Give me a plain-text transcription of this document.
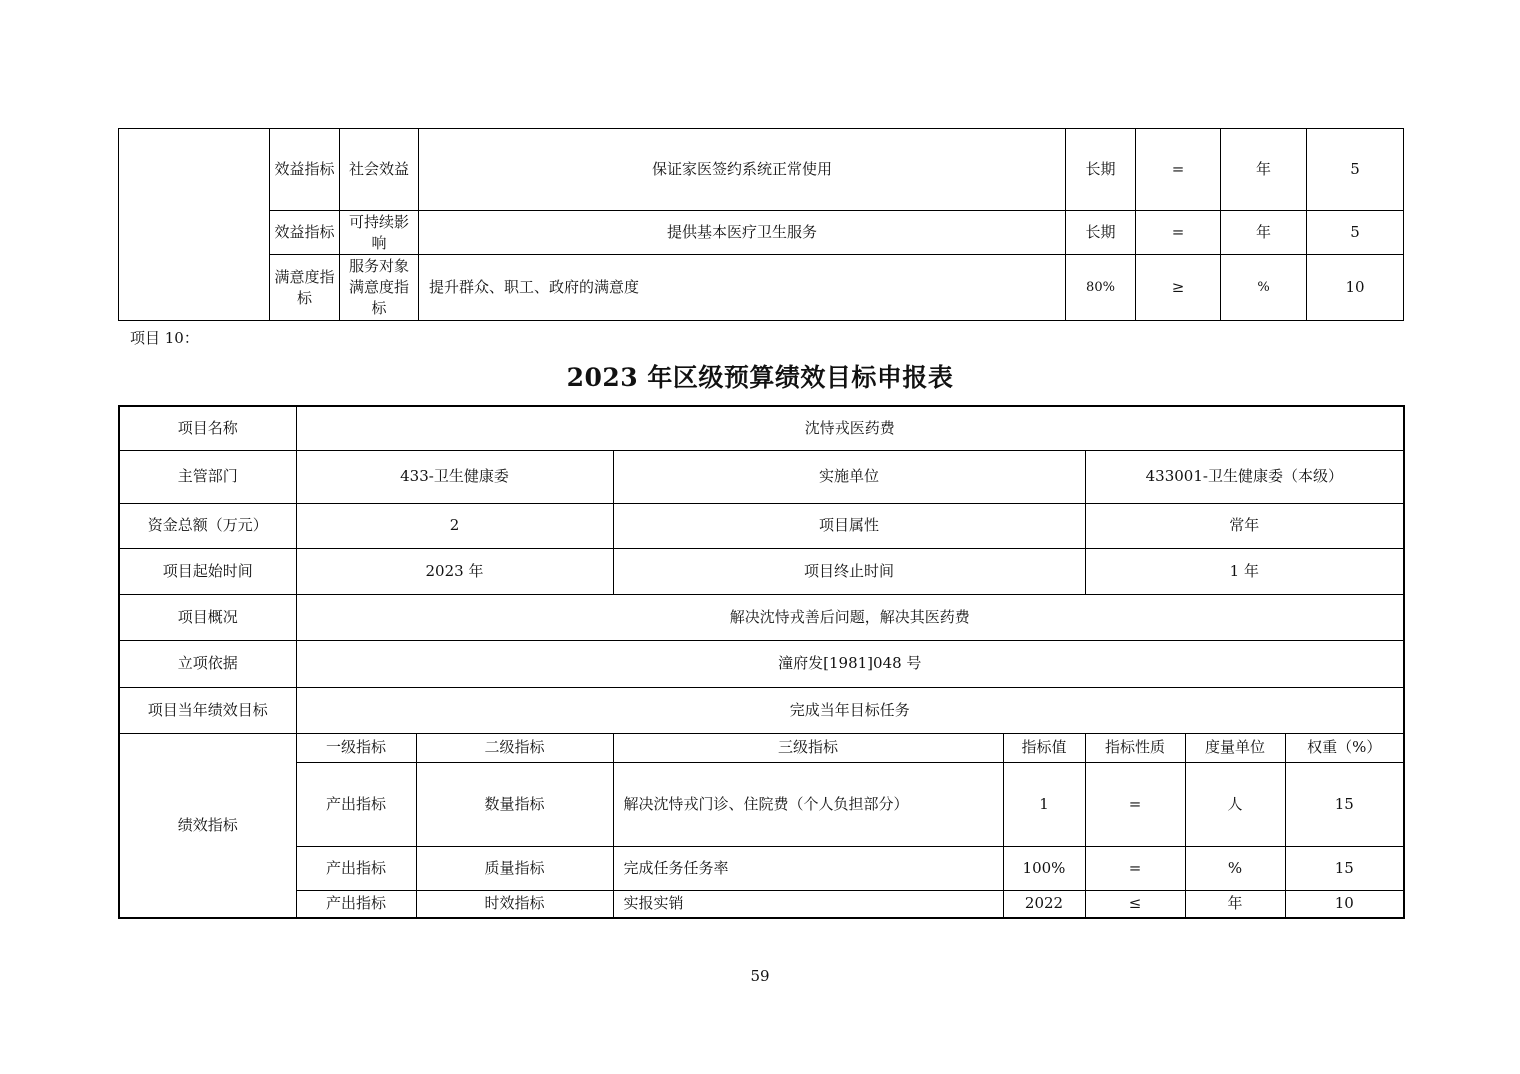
	效益指标	社会效益	保证家医签约系统正常使用	长期	=	年	5
	效益指标	可持续影响	提供基本医疗卫生服务	长期	=	年	5
	满意度指标	服务对象满意度指标	提升群众、职工、政府的满意度	80%	≥	%	10
项目 10：
2023 年区级预算绩效目标申报表
项目名称	沈恃戎医药费						
主管部门	433-卫生健康委		实施单位		433001-卫生健康委（本级）		
资金总额（万元）	2		项目属性		常年		
项目起始时间	2023 年		项目终止时间		1 年		
项目概况	解决沈恃戎善后问题，解决其医药费						
立项依据	潼府发[1981]048 号						
项目当年绩效目标	完成当年目标任务						
绩效指标	一级指标	二级指标	三级指标	指标值	指标性质	度量单位	权重（%）
	产出指标	数量指标	解决沈恃戎门诊、住院费（个人负担部分）	1	=	人	15
	产出指标	质量指标	完成任务任务率	100%	=	%	15
	产出指标	时效指标	实报实销	2022	≤	年	10
59
